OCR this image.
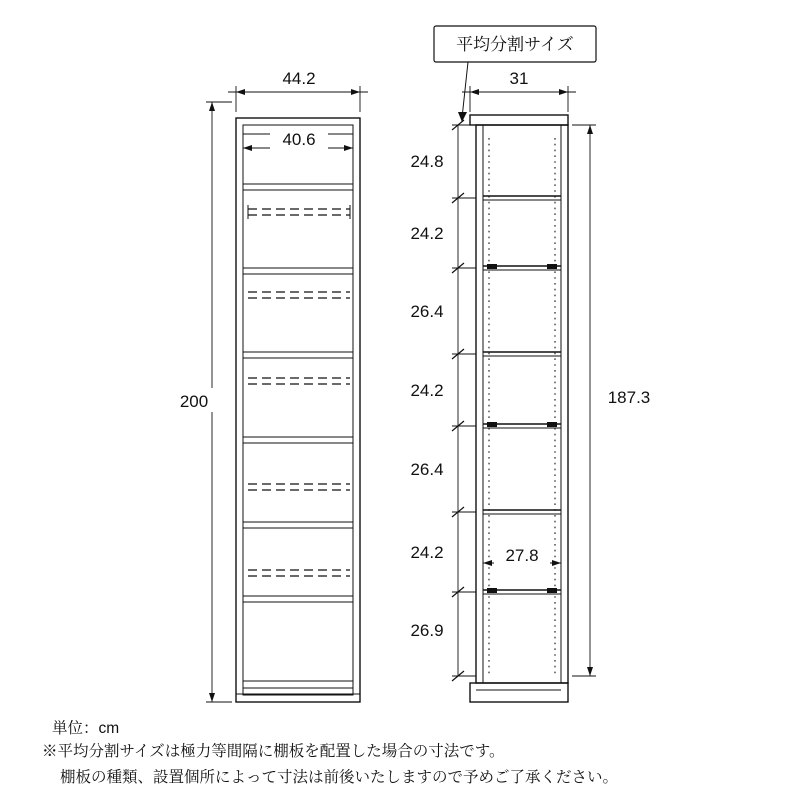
44.2
40.6
200
31
27.8
24.8
24.2
26.4
24.2
26.4
24.2
26.9
187.3
平均分割サイズ
単位：cm
※平均分割サイズは極力等間隔に棚板を配置した場合の寸法です。
棚板の種類、設置個所によって寸法は前後いたしますので予めご了承ください。
